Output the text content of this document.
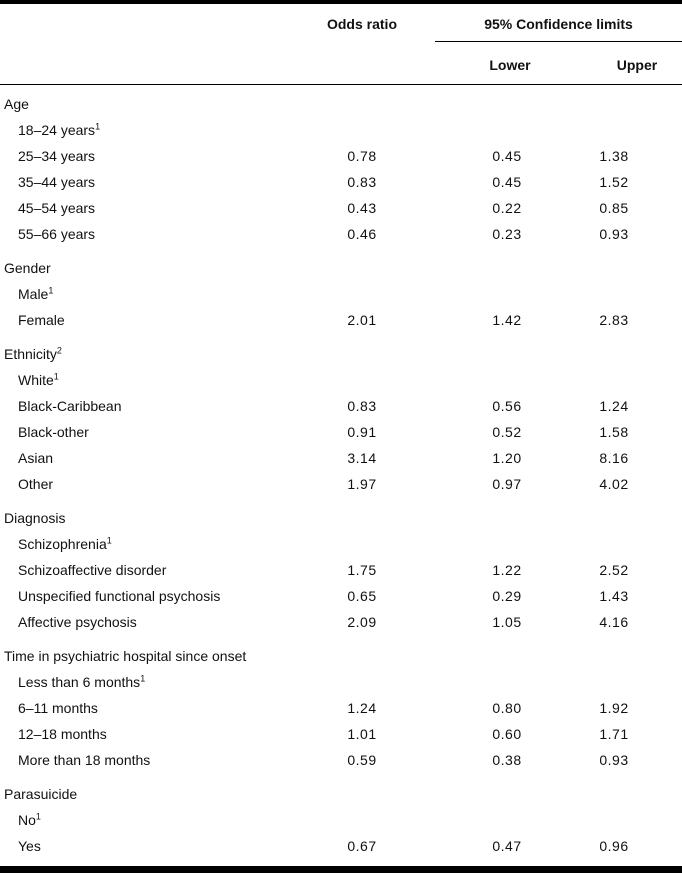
Odds ratio	95% Confidence limits
Lower	Upper
Age
18–24 years$^1$
25–34 years	0.78	0.45	1.38
35–44 years	0.83	0.45	1.52
45–54 years	0.43	0.22	0.85
55–66 years	0.46	0.23	0.93
Gender
Male$^1$
Female	2.01	1.42	2.83
Ethnicity$^2$
White$^1$
Black-Caribbean	0.83	0.56	1.24
Black-other	0.91	0.52	1.58
Asian	3.14	1.20	8.16
Other	1.97	0.97	4.02
Diagnosis
Schizophrenia$^1$
Schizoaffective disorder	1.75	1.22	2.52
Unspecified functional psychosis	0.65	0.29	1.43
Affective psychosis	2.09	1.05	4.16
Time in psychiatric hospital since onset
Less than 6 months$^1$
6–11 months	1.24	0.80	1.92
12–18 months	1.01	0.60	1.71
More than 18 months	0.59	0.38	0.93
Parasuicide
No$^1$
Yes	0.67	0.47	0.96
